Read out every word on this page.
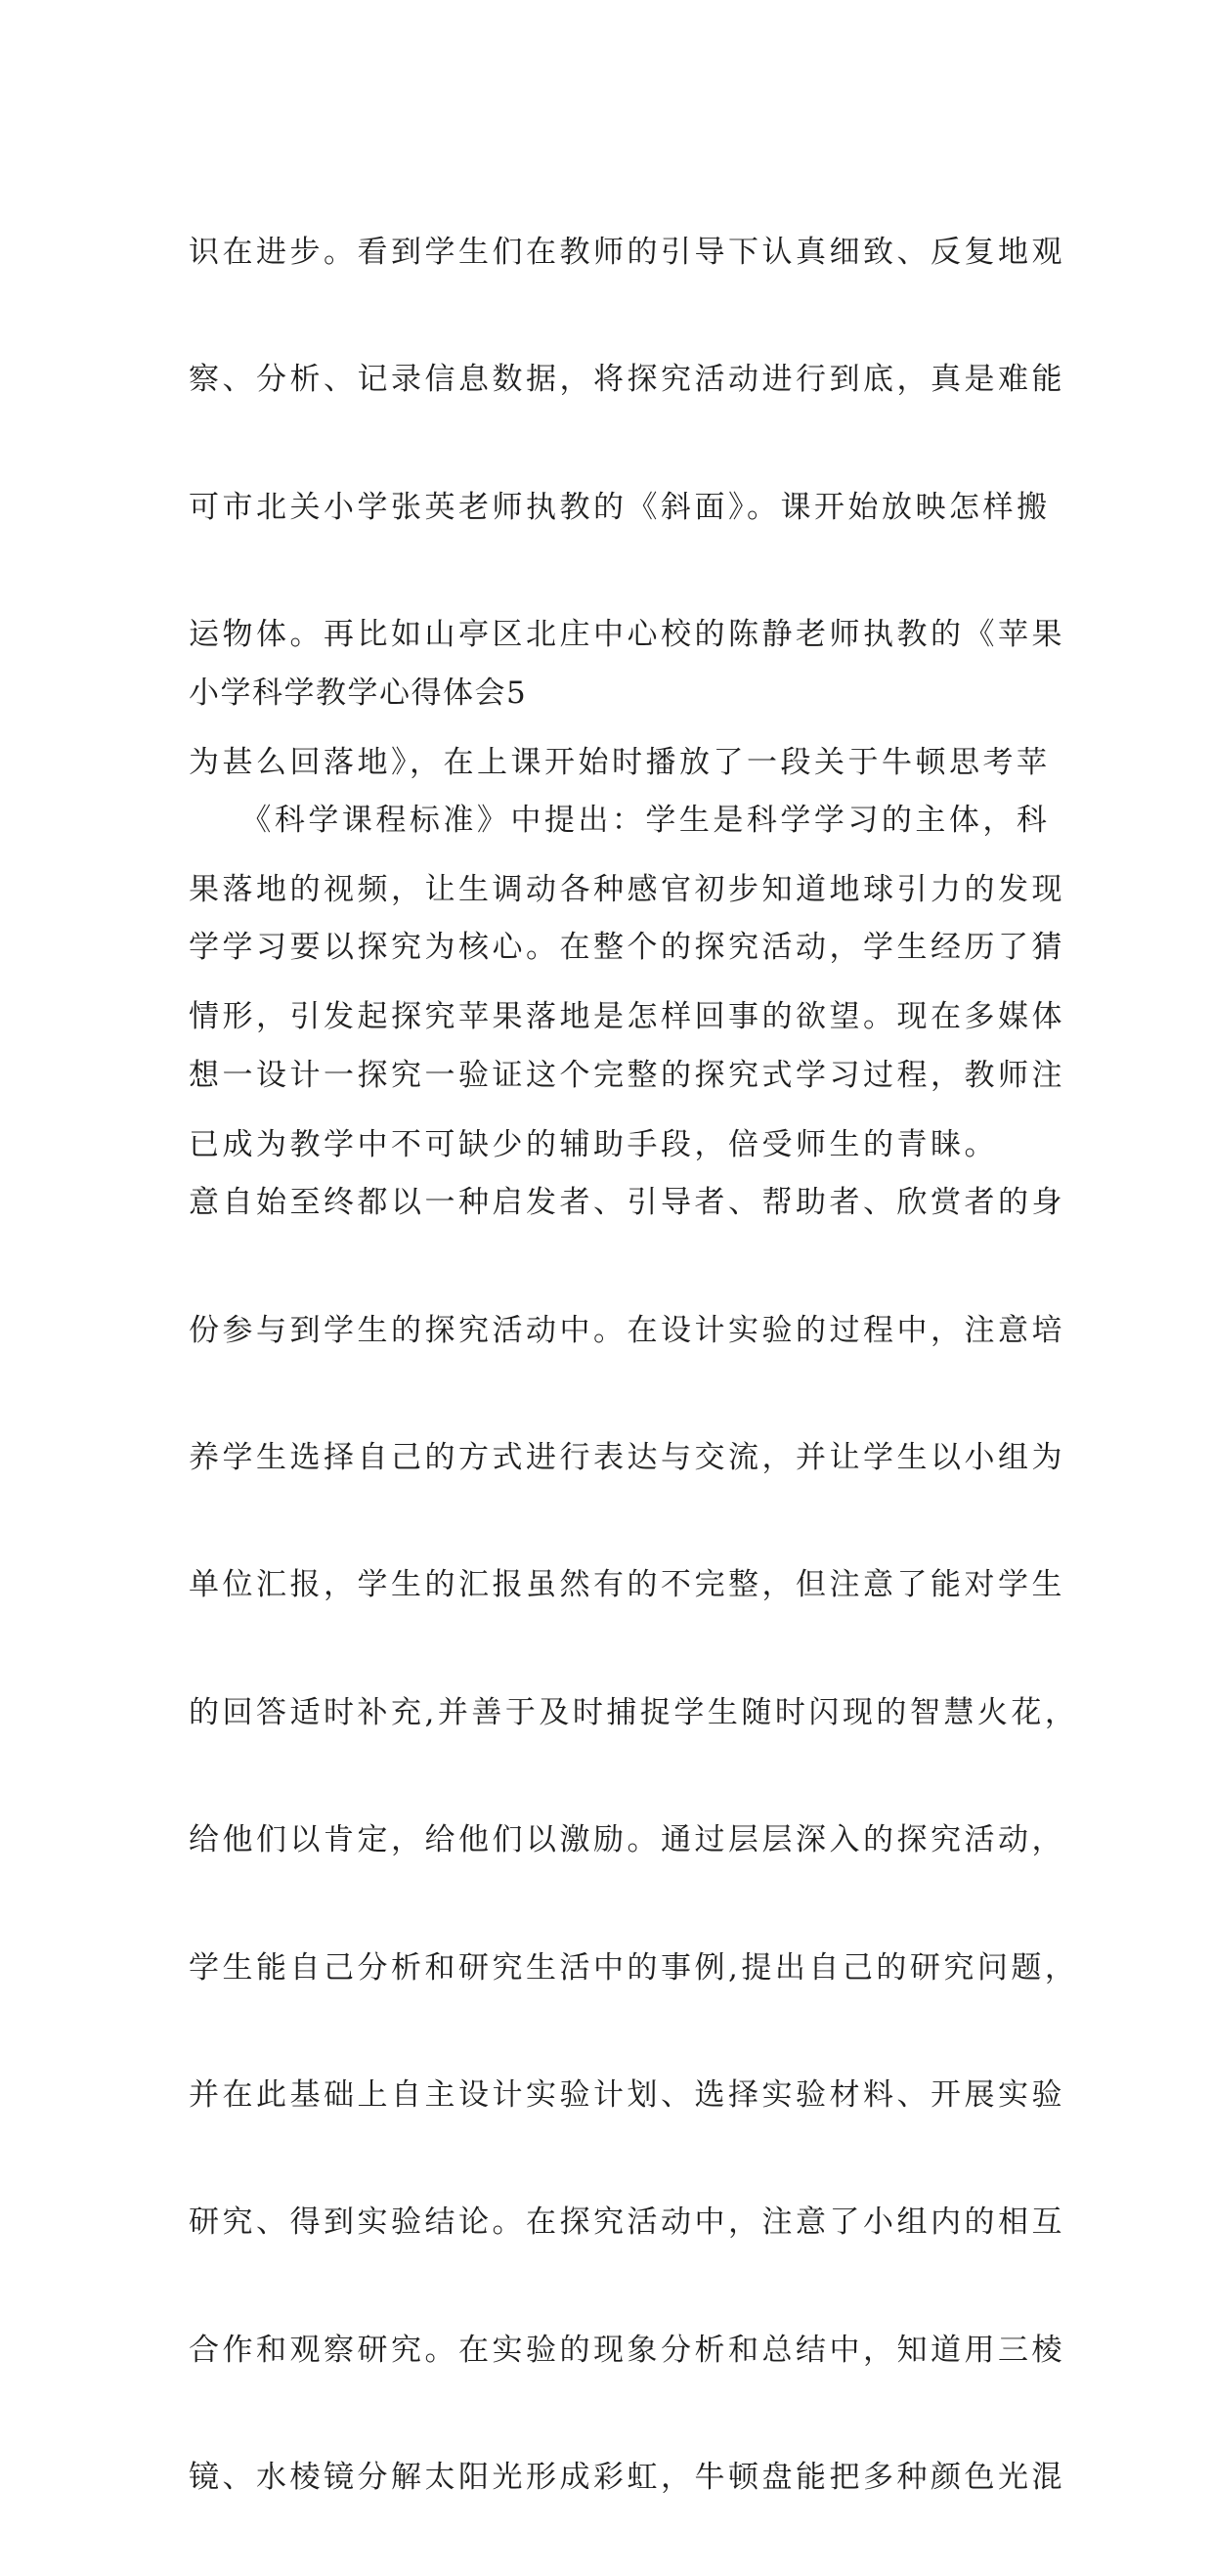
识在进步。看到学生们在教师的引导下认真细致、反复地观

察、分析、记录信息数据，将探究活动进行到底，真是难能

可市北关小学张英老师执教的《斜面》。课开始放映怎样搬

运物体。再比如山亭区北庄中心校的陈静老师执教的《苹果

为甚么回落地》，在上课开始时播放了一段关于牛顿思考苹

果落地的视频，让生调动各种感官初步知道地球引力的发现

情形，引发起探究苹果落地是怎样回事的欲望。现在多媒体

已成为教学中不可缺少的辅助手段，倍受师生的青睐。

小学科学教学心得体会5

《科学课程标准》中提出：学生是科学学习的主体，科

学学习要以探究为核心。在整个的探究活动，学生经历了猜

想一设计一探究一验证这个完整的探究式学习过程，教师注

意自始至终都以一种启发者、引导者、帮助者、欣赏者的身

份参与到学生的探究活动中。在设计实验的过程中，注意培

养学生选择自己的方式进行表达与交流，并让学生以小组为

单位汇报，学生的汇报虽然有的不完整，但注意了能对学生

的回答适时补充,并善于及时捕捉学生随时闪现的智慧火花，

给他们以肯定，给他们以激励。通过层层深入的探究活动，

学生能自己分析和研究生活中的事例,提出自己的研究问题，

并在此基础上自主设计实验计划、选择实验材料、开展实验

研究、得到实验结论。在探究活动中，注意了小组内的相互

合作和观察研究。在实验的现象分析和总结中，知道用三棱

镜、水棱镜分解太阳光形成彩虹，牛顿盘能把多种颜色光混
